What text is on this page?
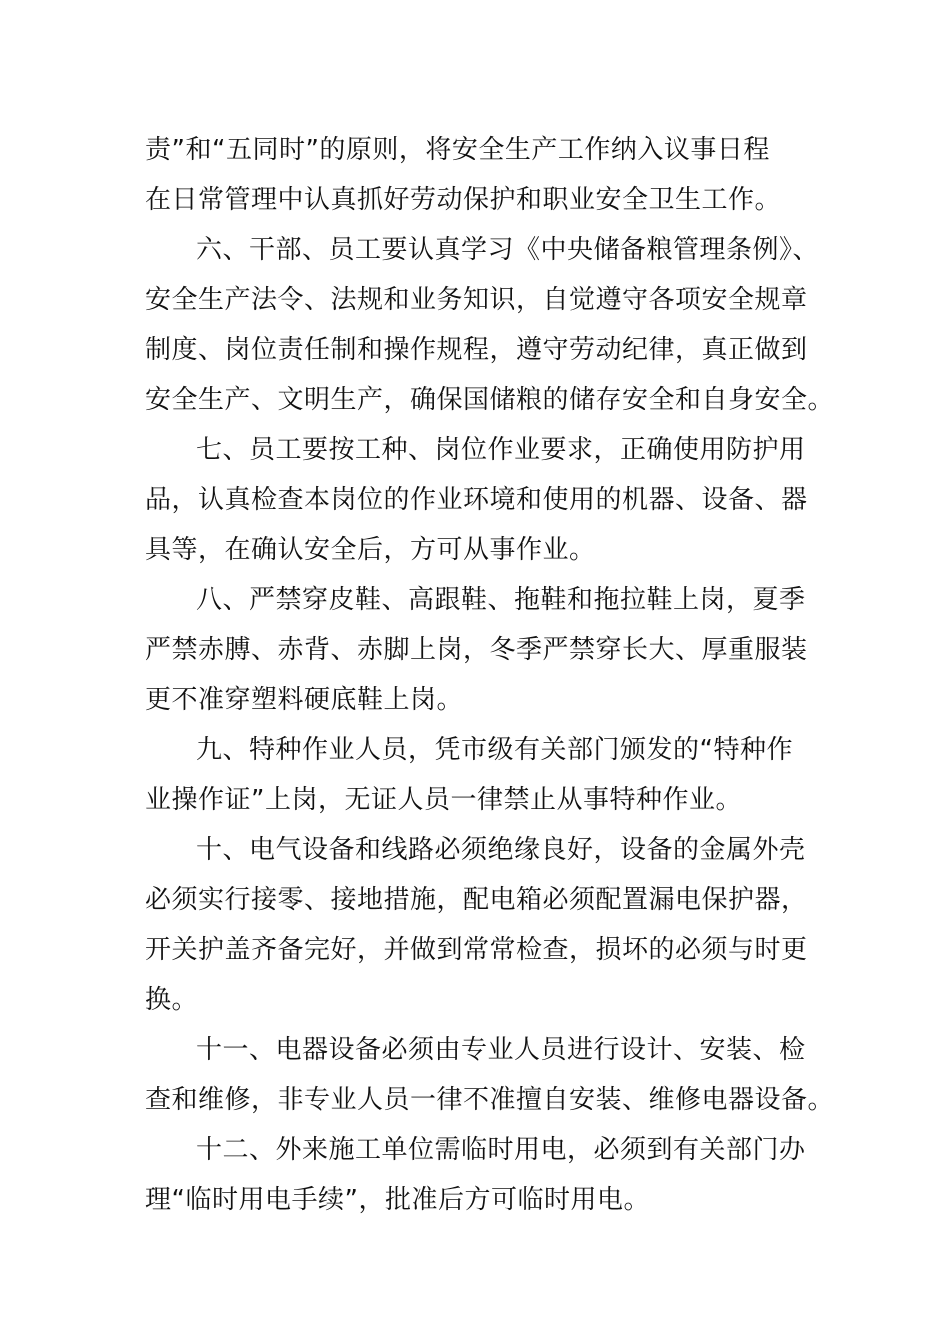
责”和“五同时”的原则，将安全生产工作纳入议事日程
在日常管理中认真抓好劳动保护和职业安全卫生工作。
六、干部、员工要认真学习《中央储备粮管理条例》、
安全生产法令、法规和业务知识，自觉遵守各项安全规章
制度、岗位责任制和操作规程，遵守劳动纪律，真正做到
安全生产、文明生产，确保国储粮的储存安全和自身安全。
七、员工要按工种、岗位作业要求，正确使用防护用
品，认真检查本岗位的作业环境和使用的机器、设备、器
具等，在确认安全后，方可从事作业。
八、严禁穿皮鞋、高跟鞋、拖鞋和拖拉鞋上岗，夏季
严禁赤膊、赤背、赤脚上岗，冬季严禁穿长大、厚重服装
更不准穿塑料硬底鞋上岗。
九、特种作业人员，凭市级有关部门颁发的“特种作
业操作证”上岗，无证人员一律禁止从事特种作业。
十、电气设备和线路必须绝缘良好，设备的金属外壳
必须实行接零、接地措施，配电箱必须配置漏电保护器，
开关护盖齐备完好，并做到常常检查，损坏的必须与时更
换。
十一、电器设备必须由专业人员进行设计、安装、检
查和维修，非专业人员一律不准擅自安装、维修电器设备。
十二、外来施工单位需临时用电，必须到有关部门办
理“临时用电手续”，批准后方可临时用电。
